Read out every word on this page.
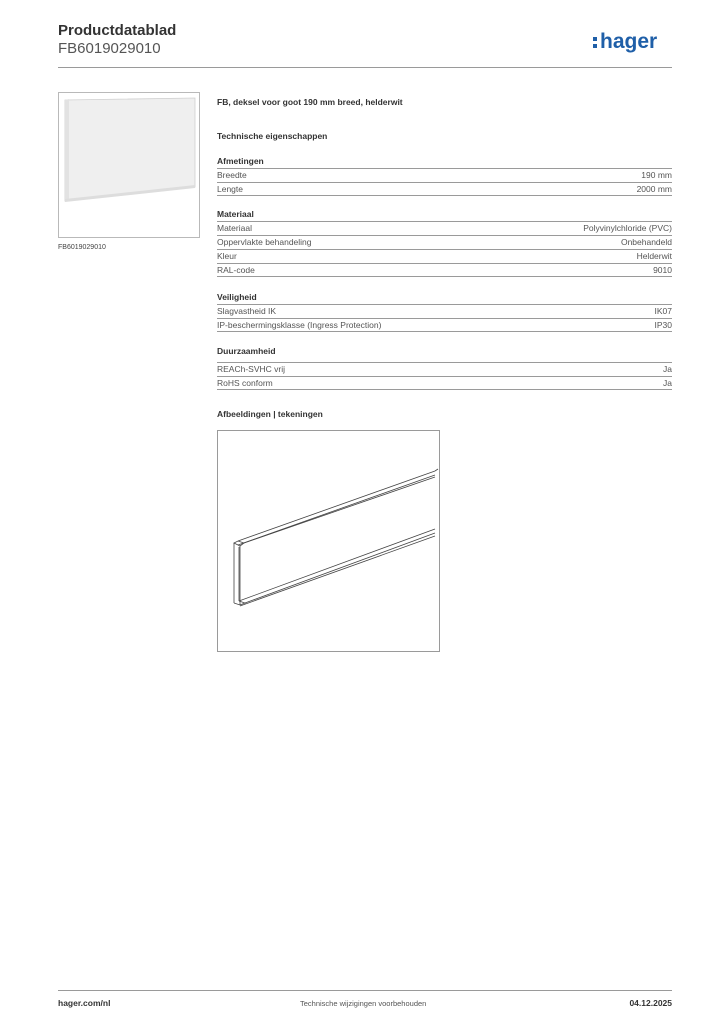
Productdatablad
FB6019029010	hager
FB6019029010
FB, deksel voor goot 190 mm breed, helderwit
Technische eigenschappen
Afmetingen
Breedte	190 mm
Lengte	2000 mm
Materiaal
Materiaal	Polyvinylchloride (PVC)
Oppervlakte behandeling	Onbehandeld
Kleur	Helderwit
RAL-code	9010
Veiligheid
Slagvastheid IK	IK07
IP-beschermingsklasse (Ingress Protection)	IP30
Duurzaamheid
REACh-SVHC vrij	Ja
RoHS conform	Ja
Afbeeldingen | tekeningen
hager.com/nl	Technische wijzigingen voorbehouden	04.12.2025
